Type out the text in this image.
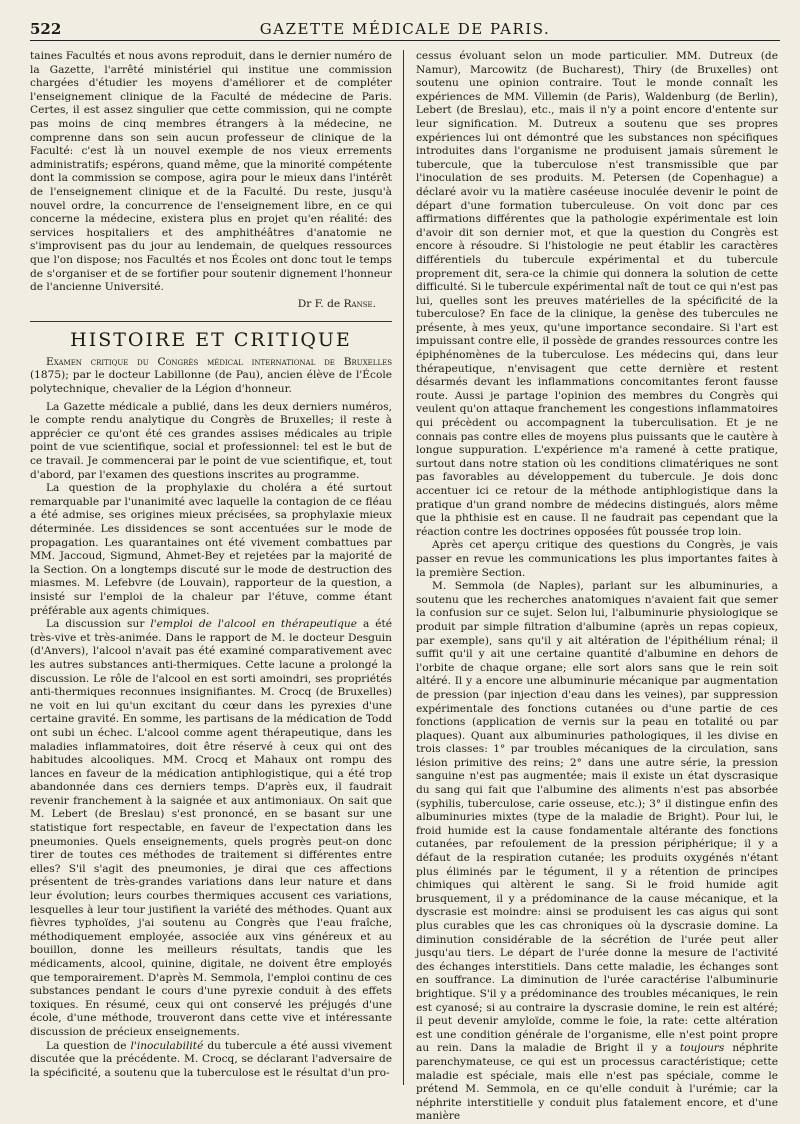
522	GAZETTE MÉDICALE DE PARIS.

taines Facultés et nous avons reproduit, dans le dernier numéro de la Gazette, l'arrêté ministériel qui institue une commission chargées d'étudier les moyens d'améliorer et de compléter l'enseignement clinique de la Faculté de médecine de Paris. Certes, il est assez singulier que cette commission, qui ne compte pas moins de cinq membres étrangers à la médecine, ne comprenne dans son sein aucun professeur de clinique de la Faculté: c'est là un nouvel exemple de nos vieux errements administratifs; espérons, quand même, que la minorité compétente dont la commission se compose, agira pour le mieux dans l'intérêt de l'enseignement clinique et de la Faculté. Du reste, jusqu'à nouvel ordre, la concurrence de l'enseignement libre, en ce qui concerne la médecine, existera plus en projet qu'en réalité: des services hospitaliers et des amphithéâtres d'anatomie ne s'improvisent pas du jour au lendemain, de quelques ressources que l'on dispose; nos Facultés et nos Écoles ont donc tout le temps de s'organiser et de se fortifier pour soutenir dignement l'honneur de l'ancienne Université.

Dr F. de Ranse.
HISTOIRE ET CRITIQUE

Examen critique du Congrès médical international de Bruxelles (1875); par le docteur Labillonne (de Pau), ancien élève de l'École polytechnique, chevalier de la Légion d'honneur.

La Gazette médicale a publié, dans les deux derniers numéros, le compte rendu analytique du Congrès de Bruxelles; il reste à apprécier ce qu'ont été ces grandes assises médicales au triple point de vue scientifique, social et professionnel: tel est le but de ce travail. Je commencerai par le point de vue scientifique, et, tout d'abord, par l'examen des questions inscrites au programme.

La question de la prophylaxie du choléra a été surtout remarquable par l'unanimité avec laquelle la contagion de ce fléau a été admise, ses origines mieux précisées, sa prophylaxie mieux déterminée. Les dissidences se sont accentuées sur le mode de propagation. Les quarantaines ont été vivement combattues par MM. Jaccoud, Sigmund, Ahmet-Bey et rejetées par la majorité de la Section. On a longtemps discuté sur le mode de destruction des miasmes. M. Lefebvre (de Louvain), rapporteur de la question, a insisté sur l'emploi de la chaleur par l'étuve, comme étant préférable aux agents chimiques.

La discussion sur l'emploi de l'alcool en thérapeutique a été très-vive et très-animée. Dans le rapport de M. le docteur Desguin (d'Anvers), l'alcool n'avait pas été examiné comparativement avec les autres substances anti-thermiques. Cette lacune a prolongé la discussion. Le rôle de l'alcool en est sorti amoindri, ses propriétés anti-thermiques reconnues insignifiantes. M. Crocq (de Bruxelles) ne voit en lui qu'un excitant du cœur dans les pyrexies d'une certaine gravité. En somme, les partisans de la médication de Todd ont subi un échec. L'alcool comme agent thérapeutique, dans les maladies inflammatoires, doit être réservé à ceux qui ont des habitudes alcooliques. MM. Crocq et Mahaux ont rompu des lances en faveur de la médication antiphlogistique, qui a été trop abandonnée dans ces derniers temps. D'après eux, il faudrait revenir franchement à la saignée et aux antimoniaux. On sait que M. Lebert (de Breslau) s'est prononcé, en se basant sur une statistique fort respectable, en faveur de l'expectation dans les pneumonies. Quels enseignements, quels progrès peut-on donc tirer de toutes ces méthodes de traitement si différentes entre elles? S'il s'agit des pneumonies, je dirai que ces affections présentent de très-grandes variations dans leur nature et dans leur évolution; leurs courbes thermiques accusent ces variations, lesquelles à leur tour justifient la variété des méthodes. Quant aux fièvres typhoïdes, j'ai soutenu au Congrès que l'eau fraîche, méthodiquement employée, associée aux vins généreux et au bouillon, donne les meilleurs résultats, tandis que les médicaments, alcool, quinine, digitale, ne doivent être employés que temporairement. D'après M. Semmola, l'emploi continu de ces substances pendant le cours d'une pyrexie conduit à des effets toxiques. En résumé, ceux qui ont conservé les préjugés d'une école, d'une méthode, trouveront dans cette vive et intéressante discussion de précieux enseignements.

La question de l'inoculabilité du tubercule a été aussi vivement discutée que la précédente. M. Crocq, se déclarant l'adversaire de la spécificité, a soutenu que la tuberculose est le résultat d'un pro-

cessus évoluant selon un mode particulier. MM. Dutreux (de Namur), Marcowitz (de Bucharest), Thiry (de Bruxelles) ont soutenu une opinion contraire. Tout le monde connaît les expériences de MM. Villemin (de Paris), Waldenburg (de Berlin), Lebert (de Breslau), etc., mais il n'y a point encore d'entente sur leur signification. M. Dutreux a soutenu que ses propres expériences lui ont démontré que les substances non spécifiques introduites dans l'organisme ne produisent jamais sûrement le tubercule, que la tuberculose n'est transmissible que par l'inoculation de ses produits. M. Petersen (de Copenhague) a déclaré avoir vu la matière caséeuse inoculée devenir le point de départ d'une formation tuberculeuse. On voit donc par ces affirmations différentes que la pathologie expérimentale est loin d'avoir dit son dernier mot, et que la question du Congrès est encore à résoudre. Si l'histologie ne peut établir les caractères différentiels du tubercule expérimental et du tubercule proprement dit, sera-ce la chimie qui donnera la solution de cette difficulté. Si le tubercule expérimental naît de tout ce qui n'est pas lui, quelles sont les preuves matérielles de la spécificité de la tuberculose? En face de la clinique, la genèse des tubercules ne présente, à mes yeux, qu'une importance secondaire. Si l'art est impuissant contre elle, il possède de grandes ressources contre les épiphénomènes de la tuberculose. Les médecins qui, dans leur thérapeutique, n'envisagent que cette dernière et restent désarmés devant les inflammations concomitantes feront fausse route. Aussi je partage l'opinion des membres du Congrès qui veulent qu'on attaque franchement les congestions inflammatoires qui précèdent ou accompagnent la tuberculisation. Et je ne connais pas contre elles de moyens plus puissants que le cautère à longue suppuration. L'expérience m'a ramené à cette pratique, surtout dans notre station où les conditions climatériques ne sont pas favorables au développement du tubercule. Je dois donc accentuer ici ce retour de la méthode antiphlogistique dans la pratique d'un grand nombre de médecins distingués, alors même que la phthisie est en cause. Il ne faudrait pas cependant que la réaction contre les doctrines opposées fût poussée trop loin.

Après cet aperçu critique des questions du Congrès, je vais passer en revue les communications les plus importantes faites à la première Section.

M. Semmola (de Naples), parlant sur les albuminuries, a soutenu que les recherches anatomiques n'avaient fait que semer la confusion sur ce sujet. Selon lui, l'albuminurie physiologique se produit par simple filtration d'albumine (après un repas copieux, par exemple), sans qu'il y ait altération de l'épithélium rénal; il suffit qu'il y ait une certaine quantité d'albumine en dehors de l'orbite de chaque organe; elle sort alors sans que le rein soit altéré. Il y a encore une albuminurie mécanique par augmentation de pression (par injection d'eau dans les veines), par suppression expérimentale des fonctions cutanées ou d'une partie de ces fonctions (application de vernis sur la peau en totalité ou par plaques). Quant aux albuminuries pathologiques, il les divise en trois classes: 1° par troubles mécaniques de la circulation, sans lésion primitive des reins; 2° dans une autre série, la pression sanguine n'est pas augmentée; mais il existe un état dyscrasique du sang qui fait que l'albumine des aliments n'est pas absorbée (syphilis, tuberculose, carie osseuse, etc.); 3° il distingue enfin des albuminuries mixtes (type de la maladie de Bright). Pour lui, le froid humide est la cause fondamentale altérante des fonctions cutanées, par refoulement de la pression périphérique; il y a défaut de la respiration cutanée; les produits oxygénés n'étant plus éliminés par le tégument, il y a rétention de principes chimiques qui altèrent le sang. Si le froid humide agit brusquement, il y a prédominance de la cause mécanique, et la dyscrasie est moindre: ainsi se produisent les cas aigus qui sont plus curables que les cas chroniques où la dyscrasie domine. La diminution considérable de la sécrétion de l'urée peut aller jusqu'au tiers. Le départ de l'urée donne la mesure de l'activité des échanges interstitiels. Dans cette maladie, les échanges sont en souffrance. La diminution de l'urée caractérise l'albuminurie brightique. S'il y a prédominance des troubles mécaniques, le rein est cyanosé; si au contraire la dyscrasie domine, le rein est altéré; il peut devenir amyloïde, comme le foie, la rate: cette altération est une condition générale de l'organisme, elle n'est point propre au rein. Dans la maladie de Bright il y a toujours néphrite parenchymateuse, ce qui est un processus caractéristique; cette maladie est spéciale, mais elle n'est pas spéciale, comme le prétend M. Semmola, en ce qu'elle conduit à l'urémie; car la néphrite interstitielle y conduit plus fatalement encore, et d'une manière
